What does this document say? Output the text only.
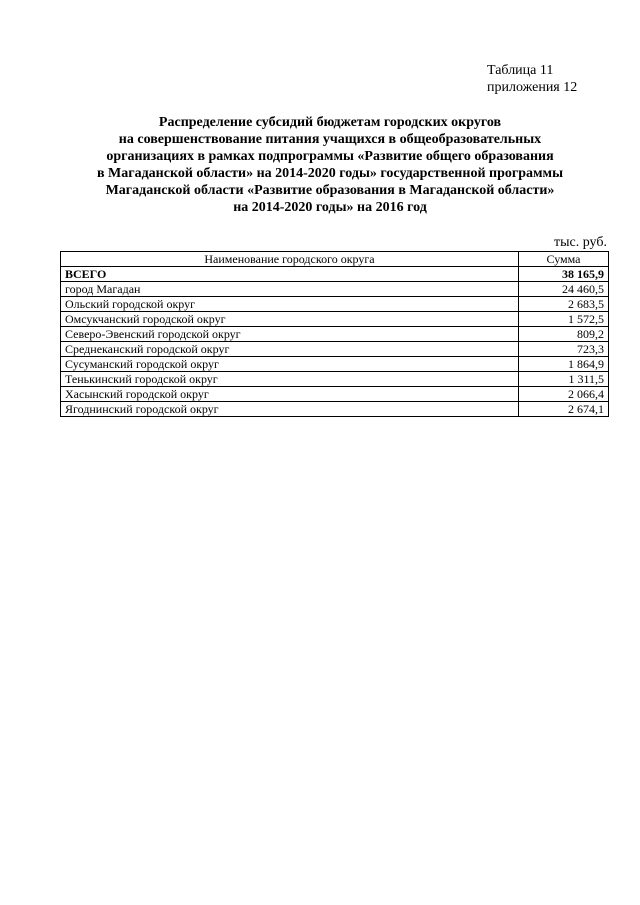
Таблица 11
приложения 12
Распределение субсидий бюджетам городских округов
на совершенствование питания учащихся в общеобразовательных
организациях в рамках подпрограммы «Развитие общего образования
в Магаданской области» на 2014-2020 годы» государственной программы
Магаданской области «Развитие образования в Магаданской области»
на 2014-2020 годы» на 2016 год
тыс. руб.
Наименование городского округа	Сумма
ВСЕГО	38 165,9
город Магадан	24 460,5
Ольский городской округ	2 683,5
Омсукчанский городской округ	1 572,5
Северо-Эвенский городской округ	809,2
Среднеканский городской округ	723,3
Сусуманский городской округ	1 864,9
Тенькинский городской округ	1 311,5
Хасынский городской округ	2 066,4
Ягоднинский городской округ	2 674,1
